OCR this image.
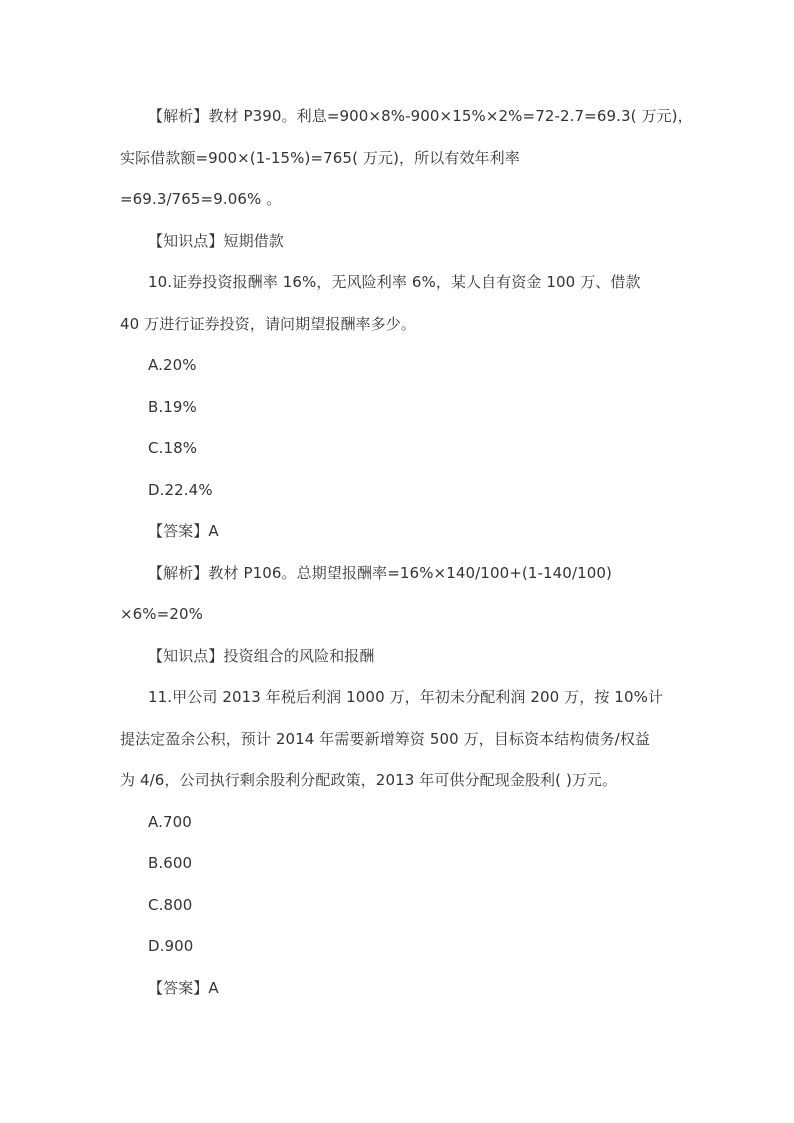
【解析】教材 P390。利息=900×8%-900×15%×2%=72-2.7=69.3( 万元)，
实际借款额=900×(1-15%)=765( 万元)，所以有效年利率
=69.3/765=9.06% 。
【知识点】短期借款
10.证券投资报酬率 16%，无风险利率 6%，某人自有资金 100 万、借款
40 万进行证券投资，请问期望报酬率多少。
A.20%
B.19%
C.18%
D.22.4%
【答案】A
【解析】教材 P106。总期望报酬率=16%×140/100+(1-140/100)
×6%=20%
【知识点】投资组合的风险和报酬
11.甲公司 2013 年税后利润 1000 万，年初未分配利润 200 万，按 10%计
提法定盈余公积，预计 2014 年需要新增筹资 500 万，目标资本结构债务/权益
为 4/6，公司执行剩余股利分配政策，2013 年可供分配现金股利( )万元。
A.700
B.600
C.800
D.900
【答案】A
